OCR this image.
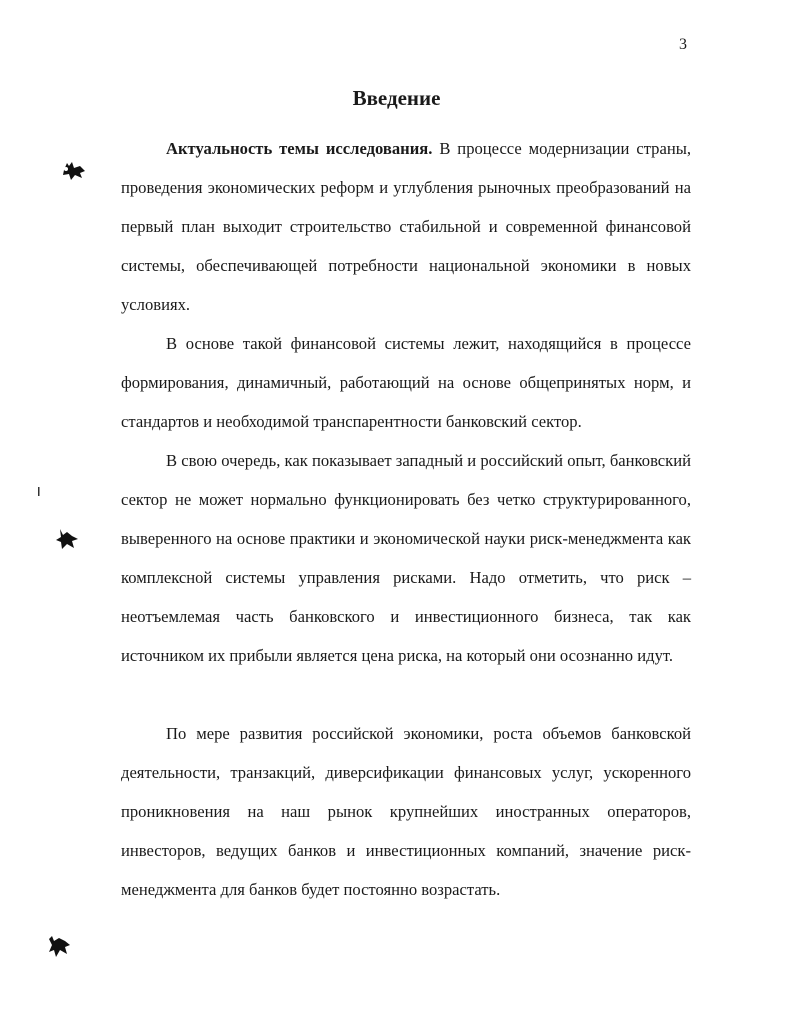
3
Введение

Актуальность темы исследования. В процессе модернизации страны, проведения экономических реформ и углубления рыночных преобразований на первый план выходит строительство стабильной и современной финансовой системы, обеспечивающей потребности национальной экономики в новых условиях.

В основе такой финансовой системы лежит, находящийся в процессе формирования, динамичный, работающий на основе общепринятых норм, и стандартов и необходимой транспарентности банковский сектор.

В свою очередь, как показывает западный и российский опыт, банковский сектор не может нормально функционировать без четко структурированного, выверенного на основе практики и экономической науки риск-менеджмента как комплексной системы управления рисками. Надо отметить, что риск – неотъемлемая часть банковского и инвестиционного бизнеса, так как источником их прибыли является цена риска, на который они осознанно идут.

По мере развития российской экономики, роста объемов банковской деятельности, транзакций, диверсификации финансовых услуг, ускоренного проникновения на наш рынок крупнейших иностранных операторов, инвесторов, ведущих банков и инвестиционных компаний, значение риск-менеджмента для банков будет постоянно возрастать.
